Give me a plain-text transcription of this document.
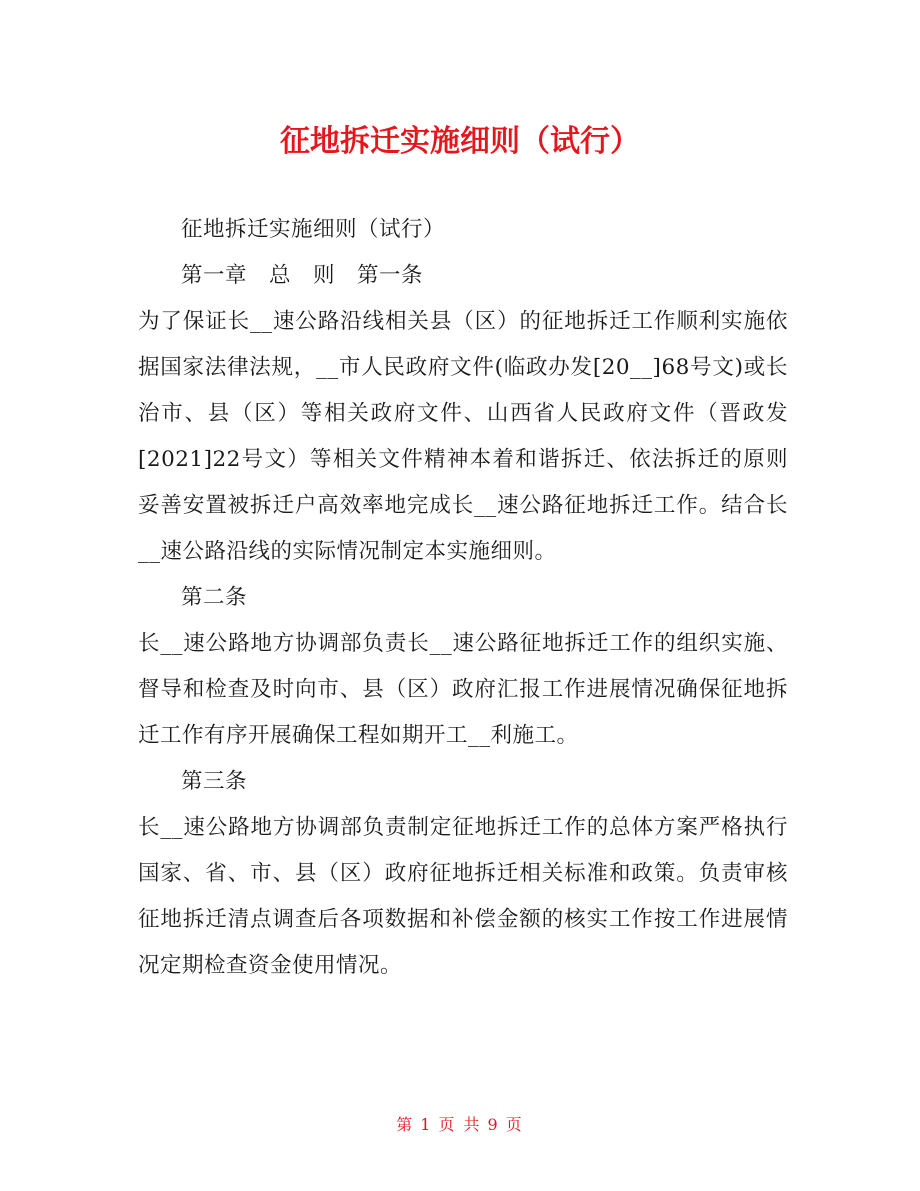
征地拆迁实施细则（试行）

征地拆迁实施细则（试行）

第一章　总　则　第一条

为了保证长__速公路沿线相关县（区）的征地拆迁工作顺利实施依据国家法律法规，__市人民政府文件(临政办发[20__]68号文)或长治市、县（区）等相关政府文件、山西省人民政府文件（晋政发[2021]22号文）等相关文件精神本着和谐拆迁、依法拆迁的原则妥善安置被拆迁户高效率地完成长__速公路征地拆迁工作。结合长__速公路沿线的实际情况制定本实施细则。

第二条

长__速公路地方协调部负责长__速公路征地拆迁工作的组织实施、督导和检查及时向市、县（区）政府汇报工作进展情况确保征地拆迁工作有序开展确保工程如期开工__利施工。

第三条

长__速公路地方协调部负责制定征地拆迁工作的总体方案严格执行国家、省、市、县（区）政府征地拆迁相关标准和政策。负责审核征地拆迁清点调查后各项数据和补偿金额的核实工作按工作进展情况定期检查资金使用情况。

第 1 页 共 9 页
